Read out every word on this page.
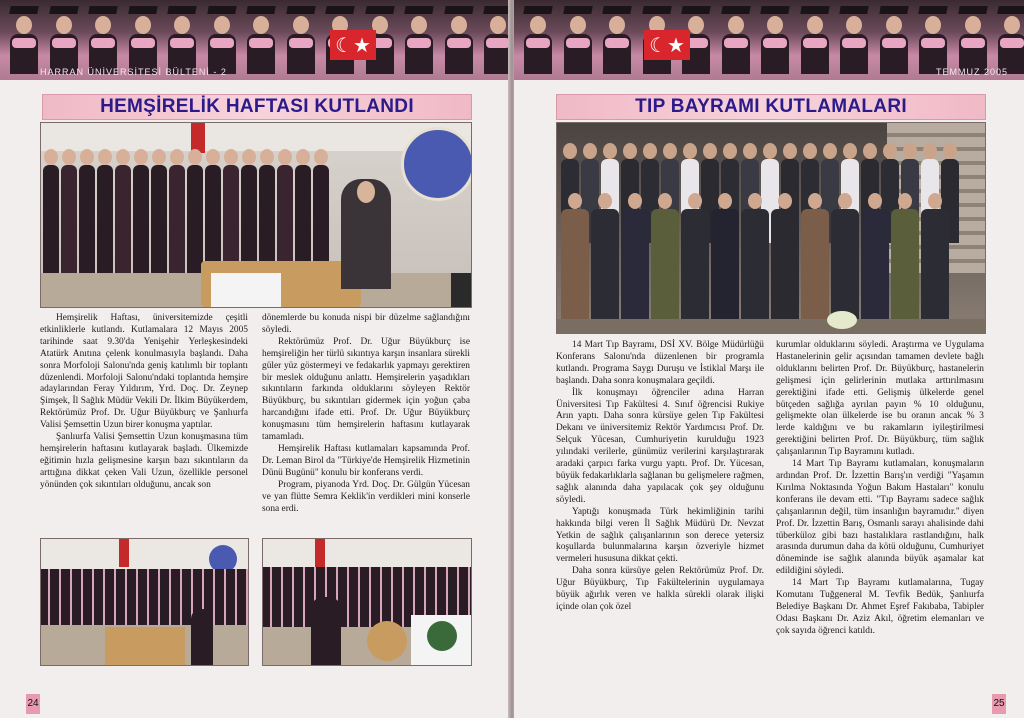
☾★
HARRAN ÜNİVERSİTESİ BÜLTENİ - 2
HEMŞİRELİK HAFTASI KUTLANDI

Hemşirelik Haftası, üniversitemizde çeşitli etkinliklerle kutlandı. Kutlamalara 12 Mayıs 2005 tarihinde saat 9.30'da Yenişehir Yerleşkesindeki Atatürk Anıtına çelenk konulmasıyla başlandı. Daha sonra Morfoloji Salonu'nda geniş katılımlı bir toplantı düzenlendi. Morfoloji Salonu'ndaki toplantıda hemşire adaylarından Feray Yıldırım, Yrd. Doç. Dr. Zeynep Şimşek, İl Sağlık Müdür Vekili Dr. İlkim Büyükerdem, Rektörümüz Prof. Dr. Uğur Büyükburç ve Şanlıurfa Valisi Şemsettin Uzun birer konuşma yaptılar.

Şanlıurfa Valisi Şemsettin Uzun konuşmasına tüm hemşirelerin haftasını kutlayarak başladı. Ülkemizde eğitimin hızla gelişmesine karşın bazı sıkıntıların da arttığına dikkat çeken Vali Uzun, özellikle personel yönünden çok sıkıntıları olduğunu, ancak son

dönemlerde bu konuda nispi bir düzelme sağlandığını söyledi.

Rektörümüz Prof. Dr. Uğur Büyükburç ise hemşireliğin her türlü sıkıntıya karşın insanlara sürekli güler yüz göstermeyi ve fedakarlık yapmayı gerektiren bir meslek olduğunu anlattı. Hemşirelerin yaşadıkları sıkıntıların farkında olduklarını söyleyen Rektör Büyükburç, bu sıkıntıları gidermek için yoğun çaba harcandığını ifade etti. Prof. Dr. Uğur Büyükburç konuşmasını tüm hemşirelerin haftasını kutlayarak tamamladı.

Hemşirelik Haftası kutlamaları kapsamında Prof. Dr. Leman Birol da "Türkiye'de Hemşirelik Hizmetinin Dünü Bugünü" konulu bir konferans verdi.

Program, piyanoda Yrd. Doç. Dr. Gülgün Yücesan ve yan flütte Semra Keklik'in verdikleri mini konserle sona erdi.

24
☾★
TEMMUZ 2005
TIP BAYRAMI KUTLAMALARI

14 Mart Tıp Bayramı, DSİ XV. Bölge Müdürlüğü Konferans Salonu'nda düzenlenen bir programla kutlandı. Programa Saygı Duruşu ve İstiklal Marşı ile başlandı. Daha sonra konuşmalara geçildi.

İlk konuşmayı öğrenciler adına Harran Üniversitesi Tıp Fakültesi 4. Sınıf öğrencisi Rukiye Arın yaptı. Daha sonra kürsüye gelen Tıp Fakültesi Dekanı ve üniversitemiz Rektör Yardımcısı Prof. Dr. Selçuk Yücesan, Cumhuriyetin kurulduğu 1923 yılındaki verilerle, günümüz verilerini karşılaştırarak aradaki çarpıcı farka vurgu yaptı. Prof. Dr. Yücesan, büyük fedakarlıklarla sağlanan bu gelişmelere rağmen, sağlık alanında daha yapılacak çok şey olduğunu söyledi.

Yaptığı konuşmada Türk hekimliğinin tarihi hakkında bilgi veren İl Sağlık Müdürü Dr. Nevzat Yetkin de sağlık çalışanlarının son derece yetersiz koşullarda bulunmalarına karşın özveriyle hizmet vermeleri hususuna dikkat çekti.

Daha sonra kürsüye gelen Rektörümüz Prof. Dr. Uğur Büyükburç, Tıp Fakültelerinin uygulamaya büyük ağırlık veren ve halkla sürekli olarak ilişki içinde olan çok özel

kurumlar olduklarını söyledi. Araştırma ve Uygulama Hastanelerinin gelir açısından tamamen devlete bağlı olduklarını belirten Prof. Dr. Büyükburç, hastanelerin gelişmesi için gelirlerinin mutlaka arttırılmasını gerektiğini ifade etti. Gelişmiş ülkelerde genel bütçeden sağlığa ayrılan payın % 10 olduğunu, gelişmekte olan ülkelerde ise bu oranın ancak % 3 lerde kaldığını ve bu rakamların iyileştirilmesi gerektiğini belirten Prof. Dr. Büyükburç, tüm sağlık çalışanlarının Tıp Bayramını kutladı.

14 Mart Tıp Bayramı kutlamaları, konuşmaların ardından Prof. Dr. İzzettin Barış'ın verdiği "Yaşamın Kırılma Noktasında Yoğun Bakım Hastaları" konulu konferans ile devam etti. "Tıp Bayramı sadece sağlık çalışanlarının değil, tüm insanlığın bayramıdır." diyen Prof. Dr. İzzettin Barış, Osmanlı sarayı ahalisinde dahi tüberküloz gibi bazı hastalıklara rastlandığını, halk arasında durumun daha da kötü olduğunu, Cumhuriyet döneminde ise sağlık alanında büyük aşamalar kat edildiğini söyledi.

14 Mart Tıp Bayramı kutlamalarına, Tugay Komutanı Tuğgeneral M. Tevfik Bedük, Şanlıurfa Belediye Başkanı Dr. Ahmet Eşref Fakıbaba, Tabipler Odası Başkanı Dr. Aziz Akıl, öğretim elemanları ve çok sayıda öğrenci katıldı.

25
